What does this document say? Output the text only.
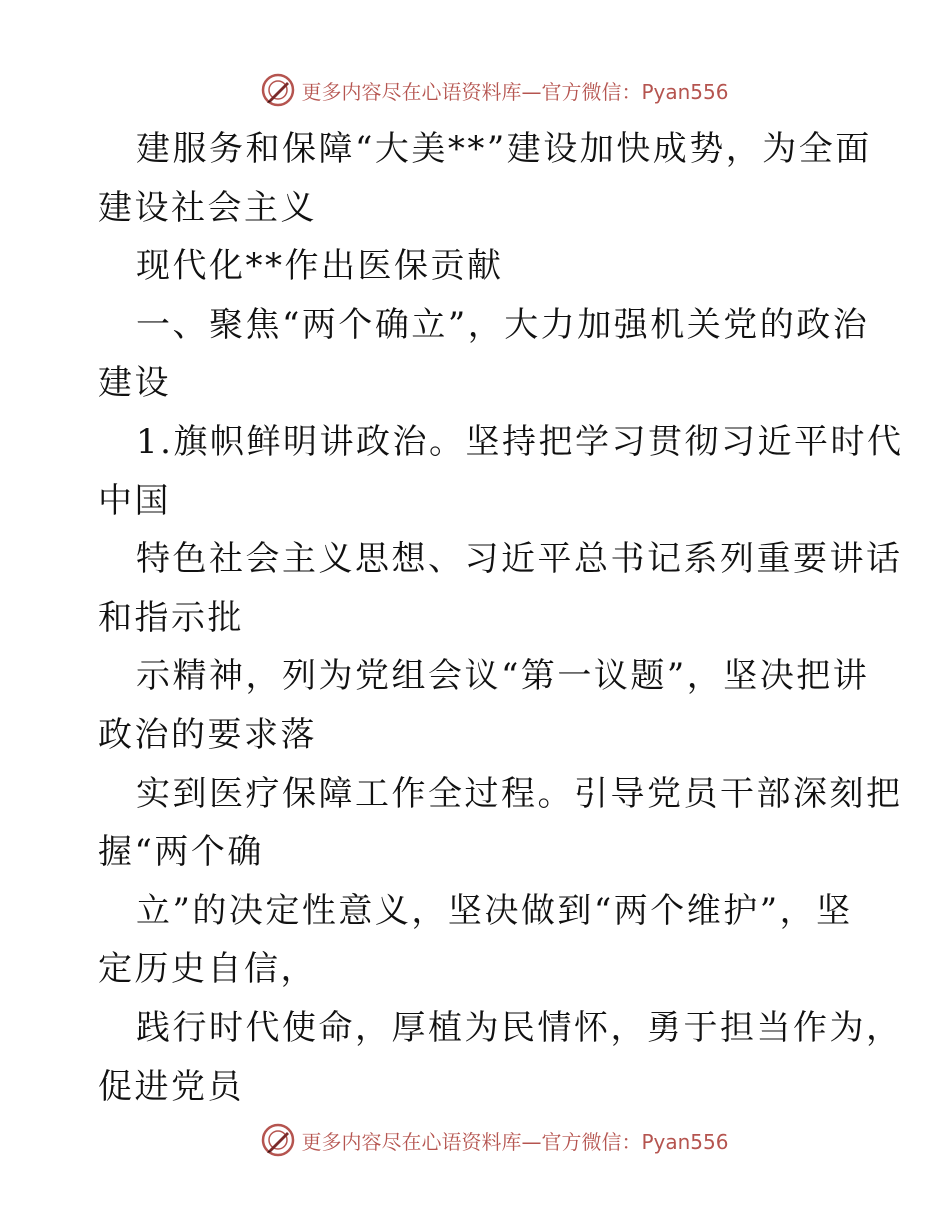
更多内容尽在心语资料库—官方微信：Pyan556
建服务和保障“大美**”建设加快成势，为全面
建设社会主义
现代化**作出医保贡献
一、聚焦“两个确立”，大力加强机关党的政治
建设
1.旗帜鲜明讲政治。坚持把学习贯彻习近平时代
中国
特色社会主义思想、习近平总书记系列重要讲话
和指示批
示精神，列为党组会议“第一议题”，坚决把讲
政治的要求落
实到医疗保障工作全过程。引导党员干部深刻把
握“两个确
立”的决定性意义，坚决做到“两个维护”，坚
定历史自信，
践行时代使命，厚植为民情怀，勇于担当作为，
促进党员
更多内容尽在心语资料库—官方微信：Pyan556
